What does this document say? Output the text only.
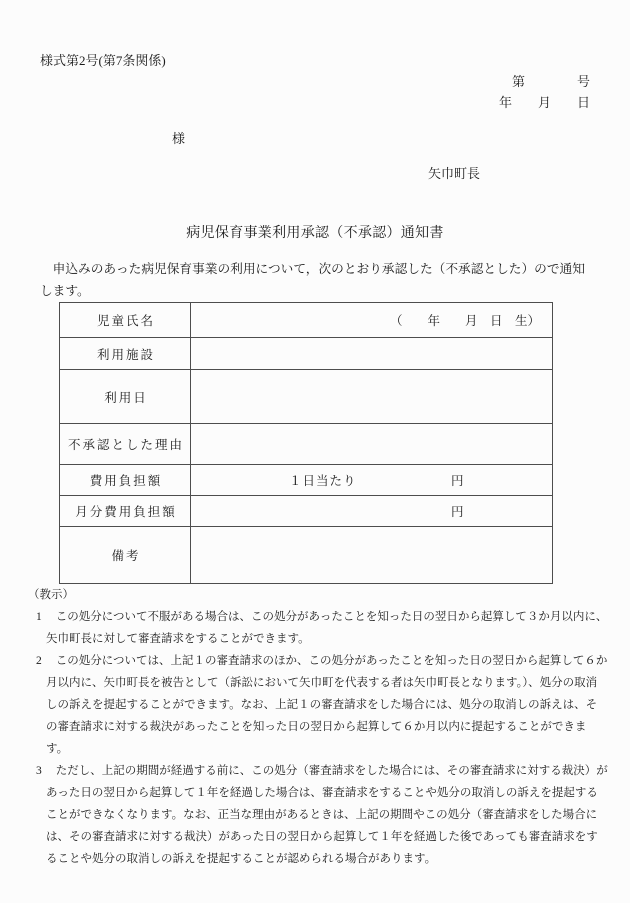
様式第2号(第7条関係)
第　　　　号
年　　月　　日
様
矢巾町長
病児保育事業利用承認（不承認）通知書

　申込みのあった病児保育事業の利用について，次のとおり承認した（不承認とした）ので通知します。

児童氏名	（　　年　　月　日　生）
利用施設
利用日
不承認とした理由
費用負担額	１日当たり	円
月分費用負担額	円
備考

（教示）

1 この処分について不服がある場合は、この処分があったことを知った日の翌日から起算して３か月以内に、矢巾町長に対して審査請求をすることができます。

2 この処分については、上記１の審査請求のほか、この処分があったことを知った日の翌日から起算して６か月以内に、矢巾町長を被告として（訴訟において矢巾町を代表する者は矢巾町長となります。）、処分の取消しの訴えを提起することができます。なお、上記１の審査請求をした場合には、処分の取消しの訴えは、その審査請求に対する裁決があったことを知った日の翌日から起算して６か月以内に提起することができます。

3 ただし、上記の期間が経過する前に、この処分（審査請求をした場合には、その審査請求に対する裁決）があった日の翌日から起算して１年を経過した場合は、審査請求をすることや処分の取消しの訴えを提起することができなくなります。なお、正当な理由があるときは、上記の期間やこの処分（審査請求をした場合には、その審査請求に対する裁決）があった日の翌日から起算して１年を経過した後であっても審査請求をすることや処分の取消しの訴えを提起することが認められる場合があります。
